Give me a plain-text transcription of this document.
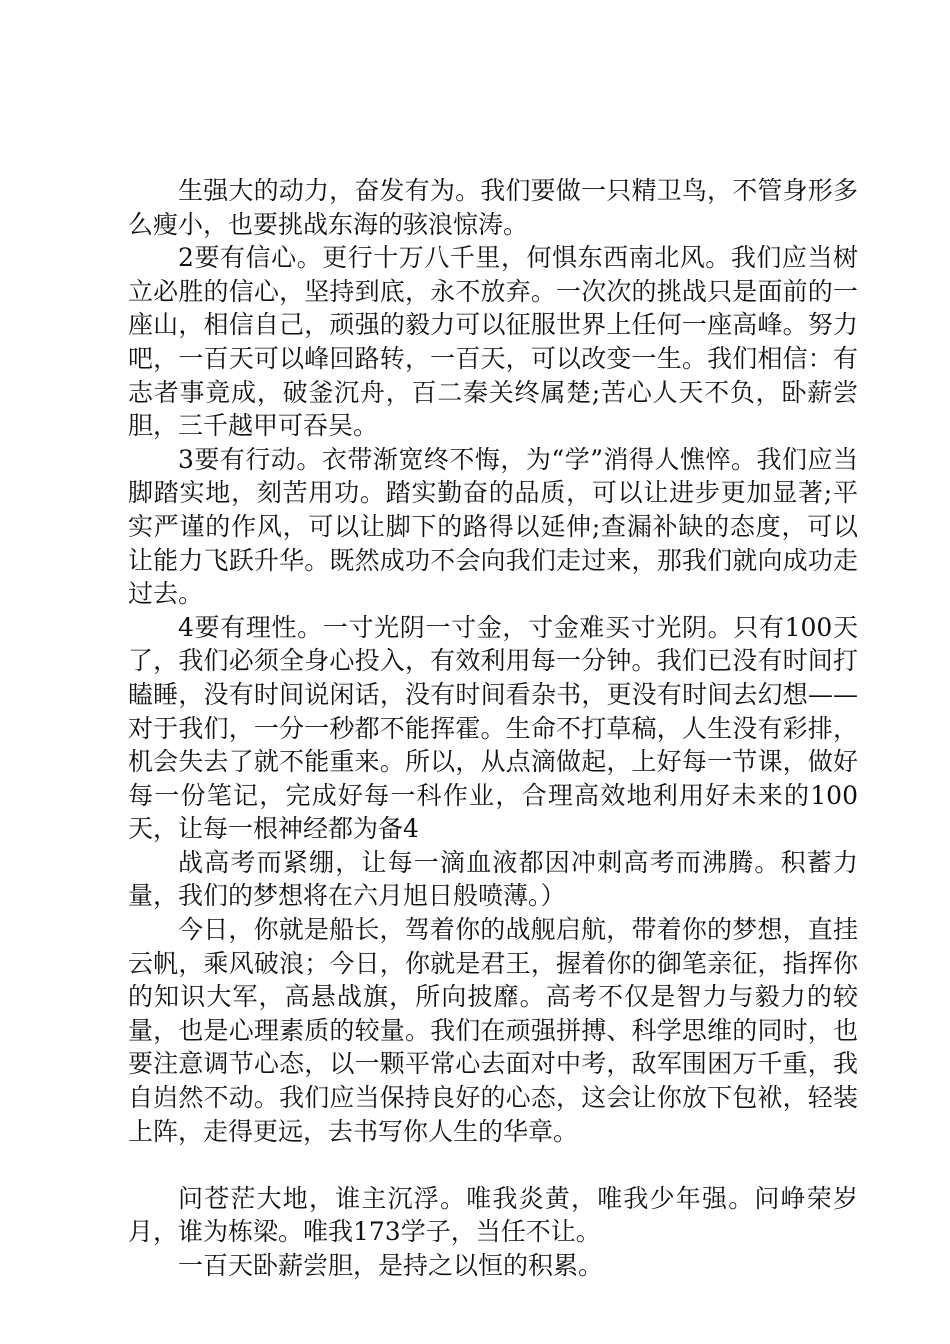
生强大的动力，奋发有为。我们要做一只精卫鸟，不管身形多么瘦小，也要挑战东海的骇浪惊涛。

2要有信心。更行十万八千里，何惧东西南北风。我们应当树立必胜的信心，坚持到底，永不放弃。一次次的挑战只是面前的一座山，相信自己，顽强的毅力可以征服世界上任何一座高峰。努力吧，一百天可以峰回路转，一百天，可以改变一生。我们相信：有志者事竟成，破釜沉舟，百二秦关终属楚;苦心人天不负，卧薪尝胆，三千越甲可吞吴。

3要有行动。衣带渐宽终不悔，为“学”消得人憔悴。我们应当脚踏实地，刻苦用功。踏实勤奋的品质，可以让进步更加显著;平实严谨的作风，可以让脚下的路得以延伸;查漏补缺的态度，可以让能力飞跃升华。既然成功不会向我们走过来，那我们就向成功走过去。

4要有理性。一寸光阴一寸金，寸金难买寸光阴。只有100天了，我们必须全身心投入，有效利用每一分钟。我们已没有时间打瞌睡，没有时间说闲话，没有时间看杂书，更没有时间去幻想——对于我们，一分一秒都不能挥霍。生命不打草稿，人生没有彩排，机会失去了就不能重来。所以，从点滴做起，上好每一节课，做好每一份笔记，完成好每一科作业，合理高效地利用好未来的100天，让每一根神经都为备4

战高考而紧绷，让每一滴血液都因冲刺高考而沸腾。积蓄力量，我们的梦想将在六月旭日般喷薄。）

今日，你就是船长，驾着你的战舰启航，带着你的梦想，直挂云帆，乘风破浪；今日，你就是君王，握着你的御笔亲征，指挥你的知识大军，高悬战旗，所向披靡。高考不仅是智力与毅力的较量，也是心理素质的较量。我们在顽强拼搏、科学思维的同时，也要注意调节心态，以一颗平常心去面对中考，敌军围困万千重，我自岿然不动。我们应当保持良好的心态，这会让你放下包袱，轻装上阵，走得更远，去书写你人生的华章。

问苍茫大地，谁主沉浮。唯我炎黄，唯我少年强。问峥荣岁月，谁为栋梁。唯我173学子，当任不让。

一百天卧薪尝胆，是持之以恒的积累。
